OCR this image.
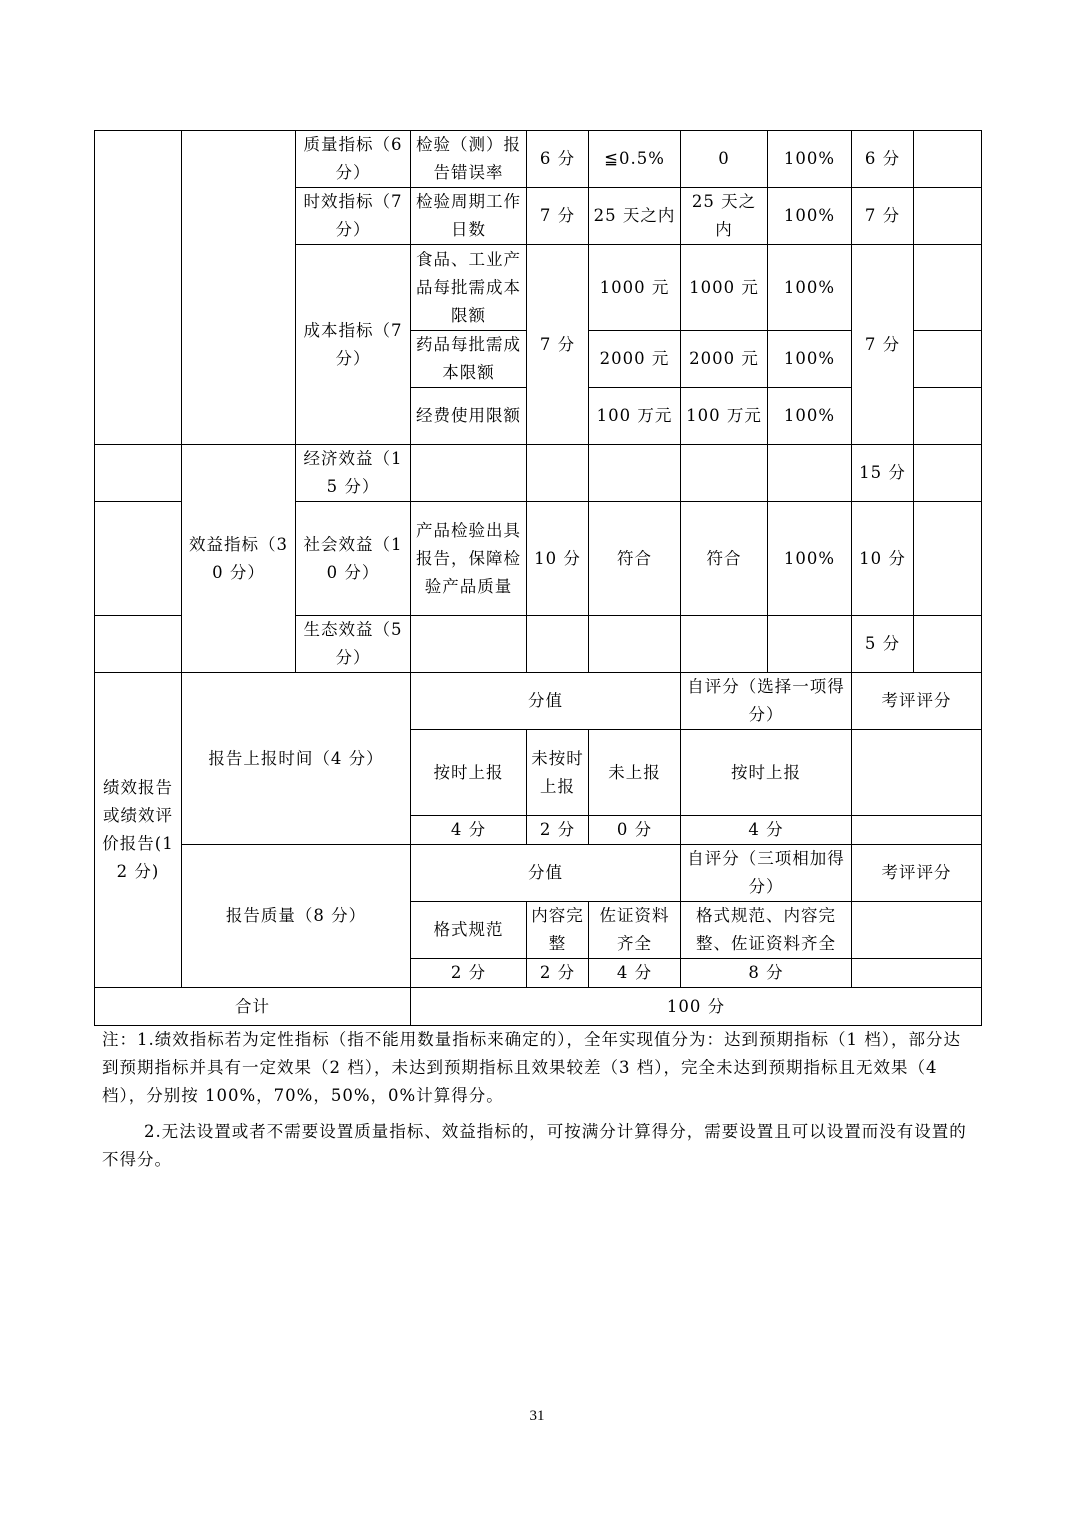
		质量指标（6分）	检验（测）报告错误率	6 分	≦0.5%	0	100%	6 分	
		时效指标（7分）	检验周期工作日数	7 分	25 天之内	25 天之内	100%	7 分	
		成本指标（7分）	食品、工业产品每批需成本限额	7 分	1000 元	1000 元	100%	7 分	
			药品每批需成本限额		2000 元	2000 元	100%		
			经费使用限额		100 万元	100 万元	100%		
	效益指标（30 分）	经济效益（15 分）						15 分	
		社会效益（10 分）	产品检验出具报告，保障检验产品质量	10 分	符合	符合	100%	10 分	
		生态效益（5 分）						5 分	
绩效报告或绩效评价报告(12 分)	报告上报时间（4 分）		分值			自评分（选择一项得分）		考评评分	
			按时上报	未按时上报	未上报	按时上报			
			4 分	2 分	0 分	4 分			
	报告质量（8 分）		分值			自评分（三项相加得分）		考评评分	
			格式规范	内容完整	佐证资料齐全	格式规范、内容完整、佐证资料齐全			
			2 分	2 分	4 分	8 分			
合计			100 分						

注：1.绩效指标若为定性指标（指不能用数量指标来确定的），全年实现值分为：达到预期指标（1 档），部分达到预期指标并具有一定效果（2 档），未达到预期指标且效果较差（3 档），完全未达到预期指标且无效果（4 档），分别按 100%，70%，50%，0%计算得分。

2.无法设置或者不需要设置质量指标、效益指标的，可按满分计算得分，需要设置且可以设置而没有设置的不得分。

31
